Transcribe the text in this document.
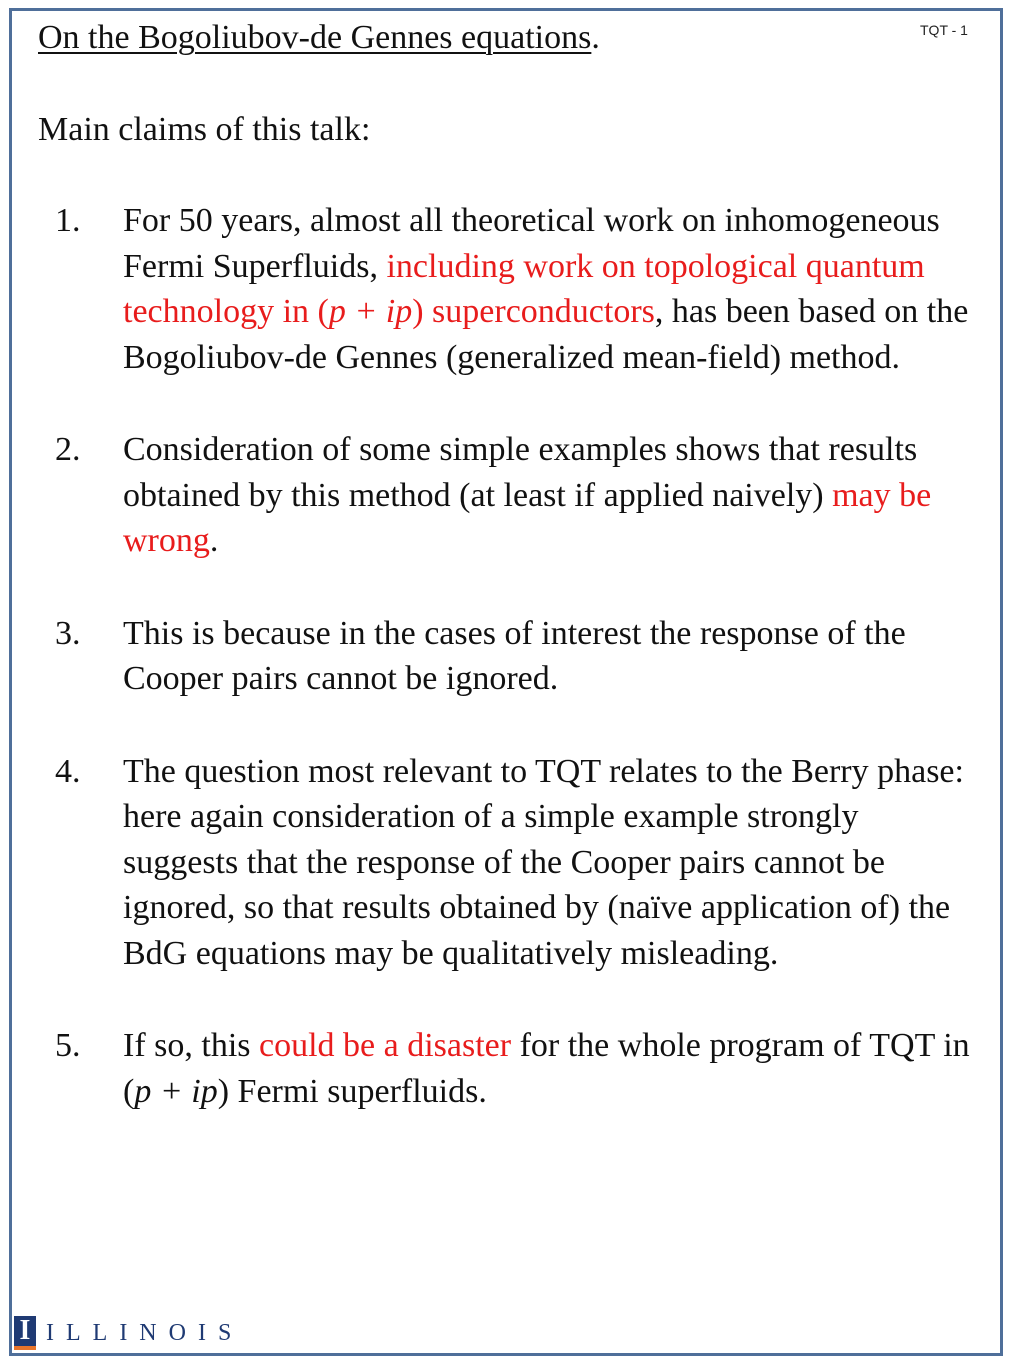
On the Bogoliubov-de Gennes equations.	TQT - 1
Main claims of this talk:
1. For 50 years, almost all theoretical work on inhomogeneous Fermi Superfluids, including work on topological quantum technology in (p + ip) superconductors, has been based on the Bogoliubov-de Gennes (generalized mean-field) method.
2. Consideration of some simple examples shows that results obtained by this method (at least if applied naively) may be wrong.
3. This is because in the cases of interest the response of the Cooper pairs cannot be ignored.
4. The question most relevant to TQT relates to the Berry phase: here again consideration of a simple example strongly suggests that the response of the Cooper pairs cannot be ignored, so that results obtained by (naïve application of) the BdG equations may be qualitatively misleading.
5. If so, this could be a disaster for the whole program of TQT in (p + ip) Fermi superfluids.
I ILLINOIS
